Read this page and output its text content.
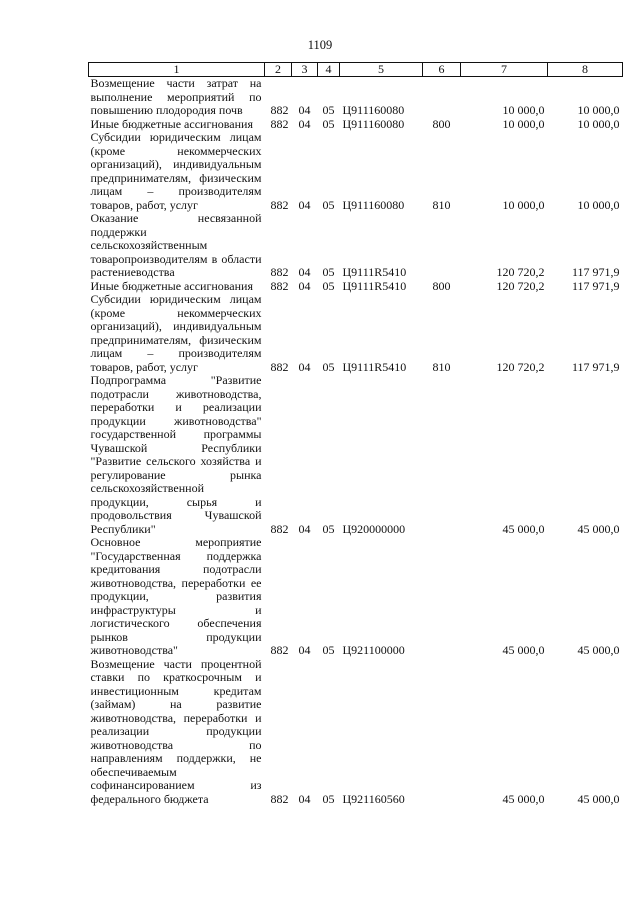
1109
1	2	3	4	5	6	7	8
Возмещение части затрат на выполнение мероприятий по повышению плодородия почв	882	04	05	Ц911160080		10 000,0	10 000,0
Иные бюджетные ассигнования	882	04	05	Ц911160080	800	10 000,0	10 000,0
Субсидии юридическим лицам (кроме некоммерческих организаций), индивидуальным предпринимателям, физическим лицам – производителям товаров, работ, услуг	882	04	05	Ц911160080	810	10 000,0	10 000,0
Оказание несвязанной поддержки сельскохозяйственным товаропроизводителям в области растениеводства	882	04	05	Ц9111R5410		120 720,2	117 971,9
Иные бюджетные ассигнования	882	04	05	Ц9111R5410	800	120 720,2	117 971,9
Субсидии юридическим лицам (кроме некоммерческих организаций), индивидуальным предпринимателям, физическим лицам – производителям товаров, работ, услуг	882	04	05	Ц9111R5410	810	120 720,2	117 971,9
Подпрограмма "Развитие подотрасли животноводства, переработки и реализации продукции животноводства" государственной программы Чувашской Республики "Развитие сельского хозяйства и регулирование рынка сельскохозяйственной продукции, сырья и продовольствия Чувашской Республики"	882	04	05	Ц920000000		45 000,0	45 000,0
Основное мероприятие "Государственная поддержка кредитования подотрасли животноводства, переработки ее продукции, развития инфраструктуры и логистического обеспечения рынков продукции животноводства"	882	04	05	Ц921100000		45 000,0	45 000,0
Возмещение части процентной ставки по краткосрочным и инвестиционным кредитам (займам) на развитие животноводства, переработки и реализации продукции животноводства по направлениям поддержки, не обеспечиваемым софинансированием из федерального бюджета	882	04	05	Ц921160560		45 000,0	45 000,0
